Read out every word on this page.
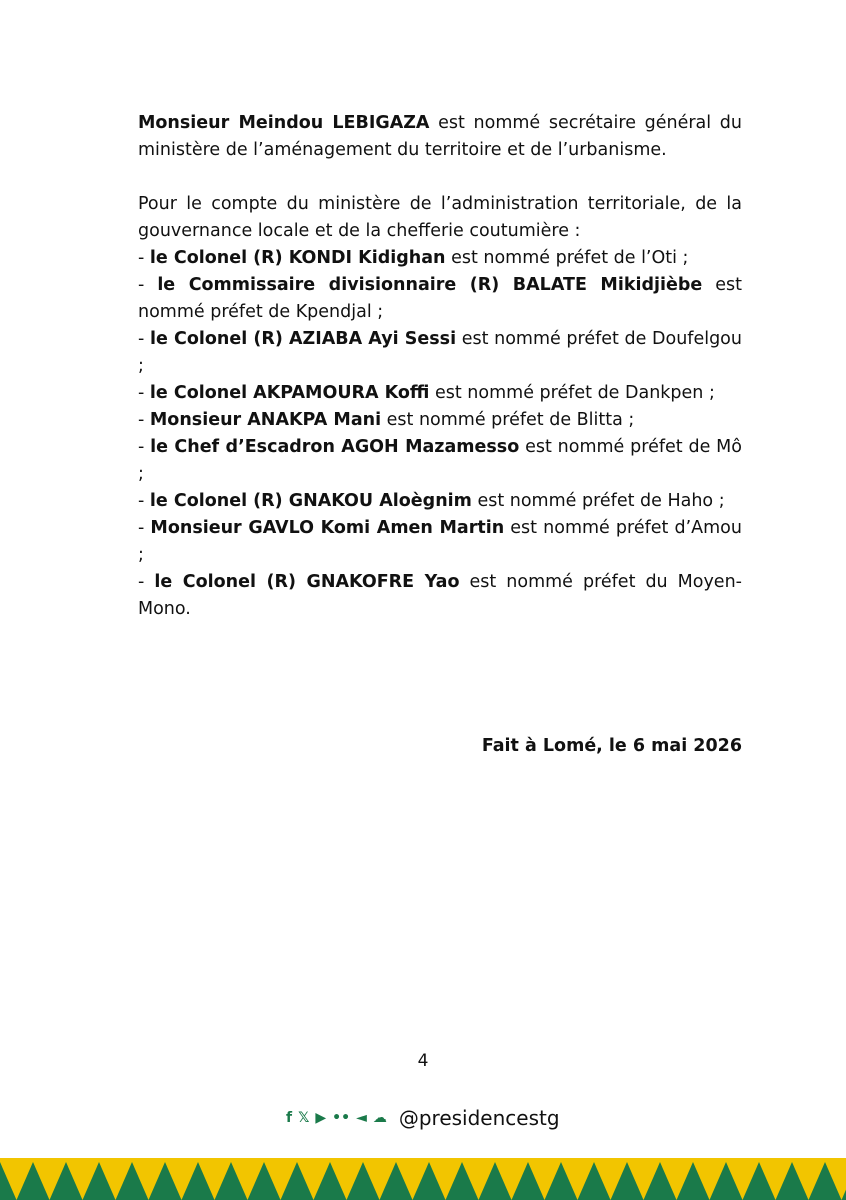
Monsieur Meindou LEBIGAZA est nommé secrétaire général du ministère de l’aménagement du territoire et de l’urbanisme.

Pour le compte du ministère de l’administration territoriale, de la gouvernance locale et de la chefferie coutumière :

- le Colonel (R) KONDI Kidighan est nommé préfet de l’Oti ;

- le Commissaire divisionnaire (R) BALATE Mikidjièbe est nommé préfet de Kpendjal ;

- le Colonel (R) AZIABA Ayi Sessi est nommé préfet de Doufelgou ;

- le Colonel AKPAMOURA Koffi est nommé préfet de Dankpen ;

- Monsieur ANAKPA Mani est nommé préfet de Blitta ;

- le Chef d’Escadron AGOH Mazamesso est nommé préfet de Mô ;

- le Colonel (R) GNAKOU Aloègnim est nommé préfet de Haho ;

- Monsieur GAVLO Komi Amen Martin est nommé préfet d’Amou ;

- le Colonel (R) GNAKOFRE Yao est nommé préfet du Moyen-Mono.

Fait à Lomé, le 6 mai 2026
4
f 𝕏 ▶ •• ◄ ☁ @presidencestg
